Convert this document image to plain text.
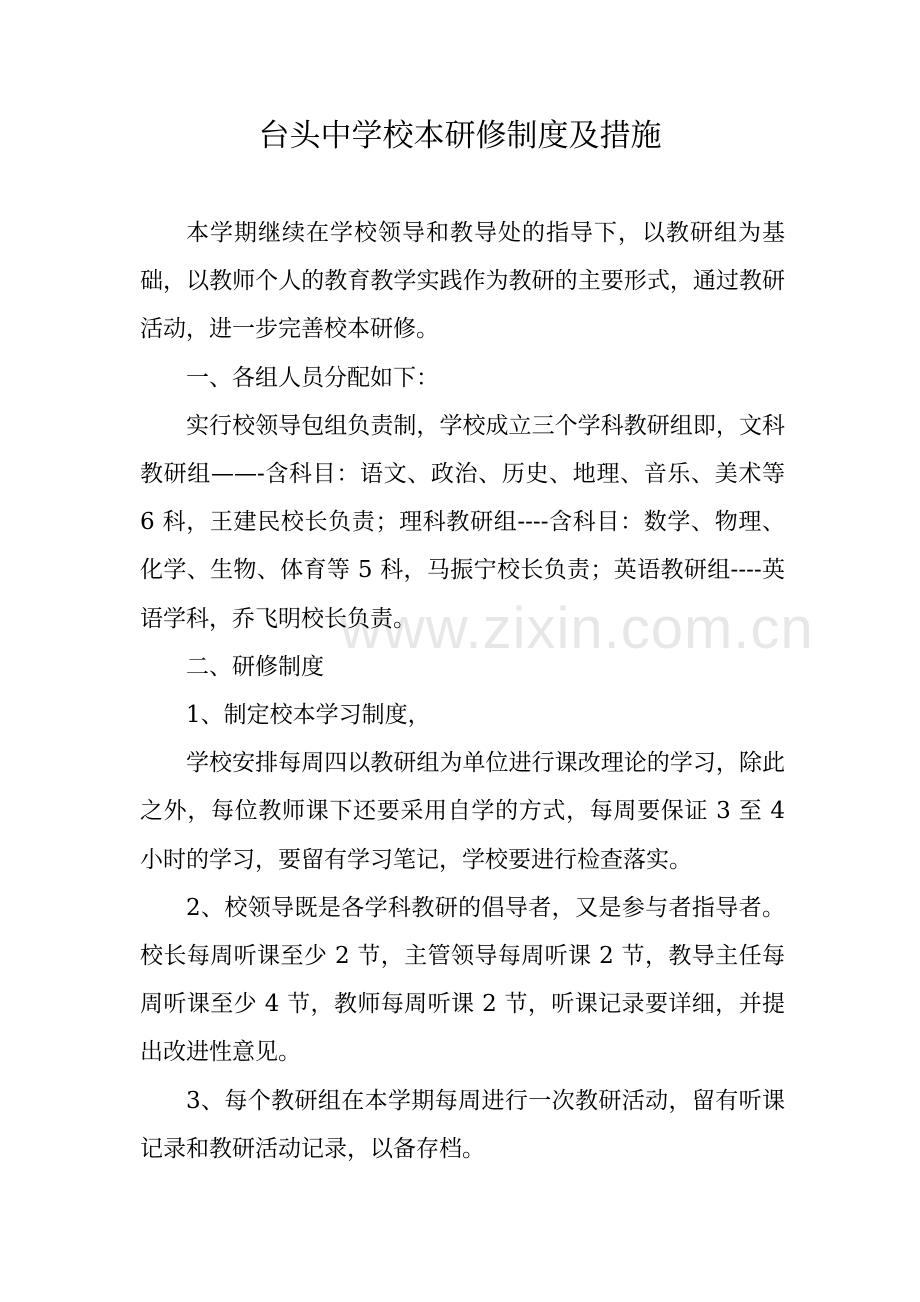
台头中学校本研修制度及措施

本学期继续在学校领导和教导处的指导下，以教研组为基础，以教师个人的教育教学实践作为教研的主要形式，通过教研活动，进一步完善校本研修。

一、各组人员分配如下：

实行校领导包组负责制，学校成立三个学科教研组即，文科教研组——-含科目：语文、政治、历史、地理、音乐、美术等 6 科，王建民校长负责；理科教研组----含科目：数学、物理、化学、生物、体育等 5 科，马振宁校长负责；英语教研组----英语学科，乔飞明校长负责。

二、研修制度

1、制定校本学习制度，

学校安排每周四以教研组为单位进行课改理论的学习，除此之外，每位教师课下还要采用自学的方式，每周要保证 3 至 4 小时的学习，要留有学习笔记，学校要进行检查落实。

2、校领导既是各学科教研的倡导者，又是参与者指导者。校长每周听课至少 2 节，主管领导每周听课 2 节，教导主任每周听课至少 4 节，教师每周听课 2 节，听课记录要详细，并提出改进性意见。

3、每个教研组在本学期每周进行一次教研活动，留有听课记录和教研活动记录，以备存档。

www.zixin.com.cn
